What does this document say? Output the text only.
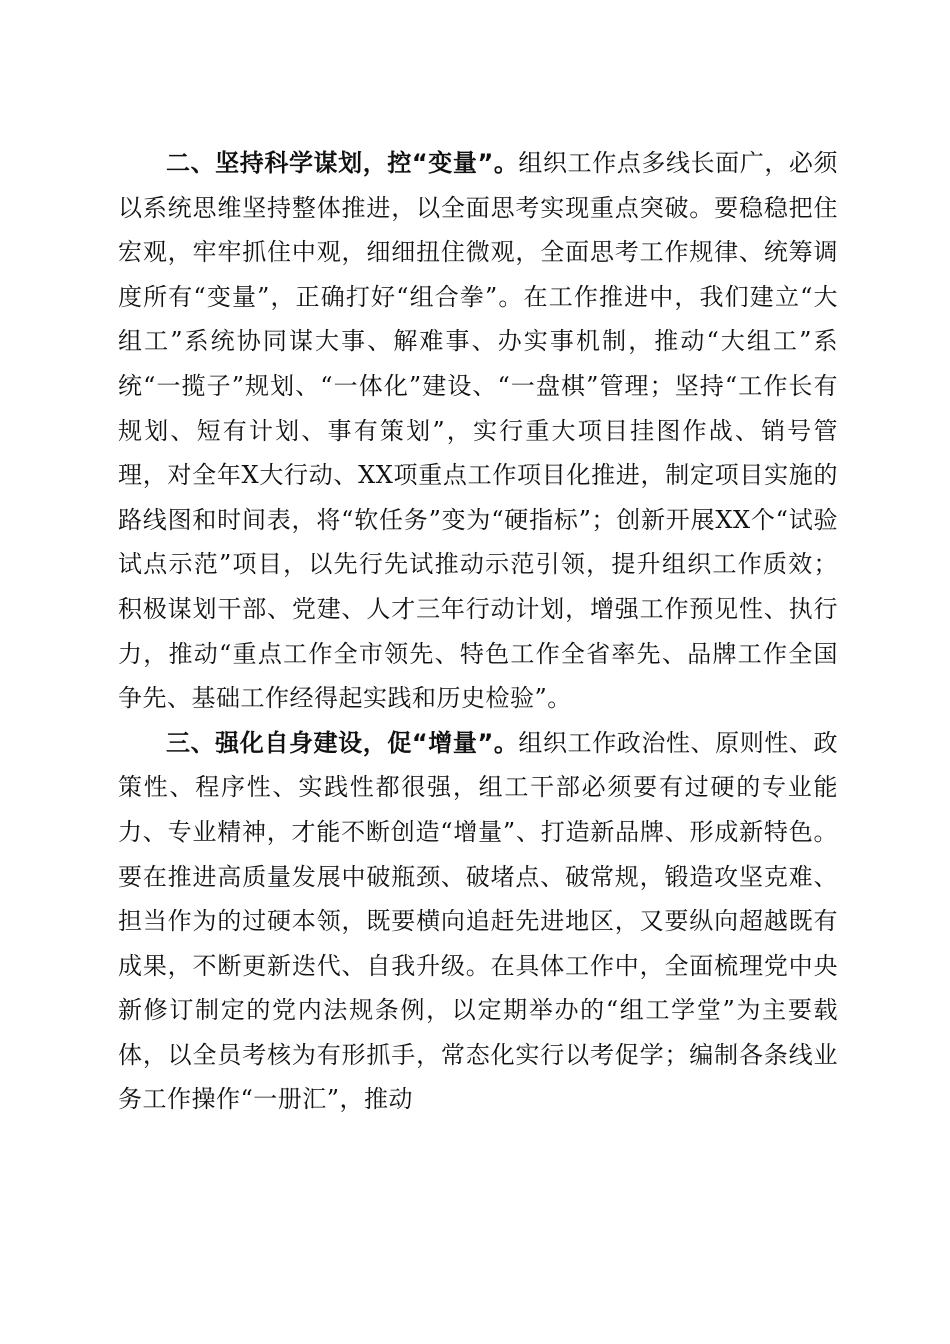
二、坚持科学谋划，控“变量”。组织工作点多线长面广，必须以系统思维坚持整体推进，以全面思考实现重点突破。要稳稳把住宏观，牢牢抓住中观，细细扭住微观，全面思考工作规律、统筹调度所有“变量”，正确打好“组合拳”。在工作推进中，我们建立“大组工”系统协同谋大事、解难事、办实事机制，推动“大组工”系统“一揽子”规划、“一体化”建设、“一盘棋”管理；坚持“工作长有规划、短有计划、事有策划”，实行重大项目挂图作战、销号管理，对全年X大行动、XX项重点工作项目化推进，制定项目实施的路线图和时间表，将“软任务”变为“硬指标”；创新开展XX个“试验试点示范”项目，以先行先试推动示范引领，提升组织工作质效；积极谋划干部、党建、人才三年行动计划，增强工作预见性、执行力，推动“重点工作全市领先、特色工作全省率先、品牌工作全国争先、基础工作经得起实践和历史检验”。

三、强化自身建设，促“增量”。组织工作政治性、原则性、政策性、程序性、实践性都很强，组工干部必须要有过硬的专业能力、专业精神，才能不断创造“增量”、打造新品牌、形成新特色。要在推进高质量发展中破瓶颈、破堵点、破常规，锻造攻坚克难、担当作为的过硬本领，既要横向追赶先进地区，又要纵向超越既有成果，不断更新迭代、自我升级。在具体工作中，全面梳理党中央新修订制定的党内法规条例，以定期举办的“组工学堂”为主要载体，以全员考核为有形抓手，常态化实行以考促学；编制各条线业务工作操作“一册汇”，推动
